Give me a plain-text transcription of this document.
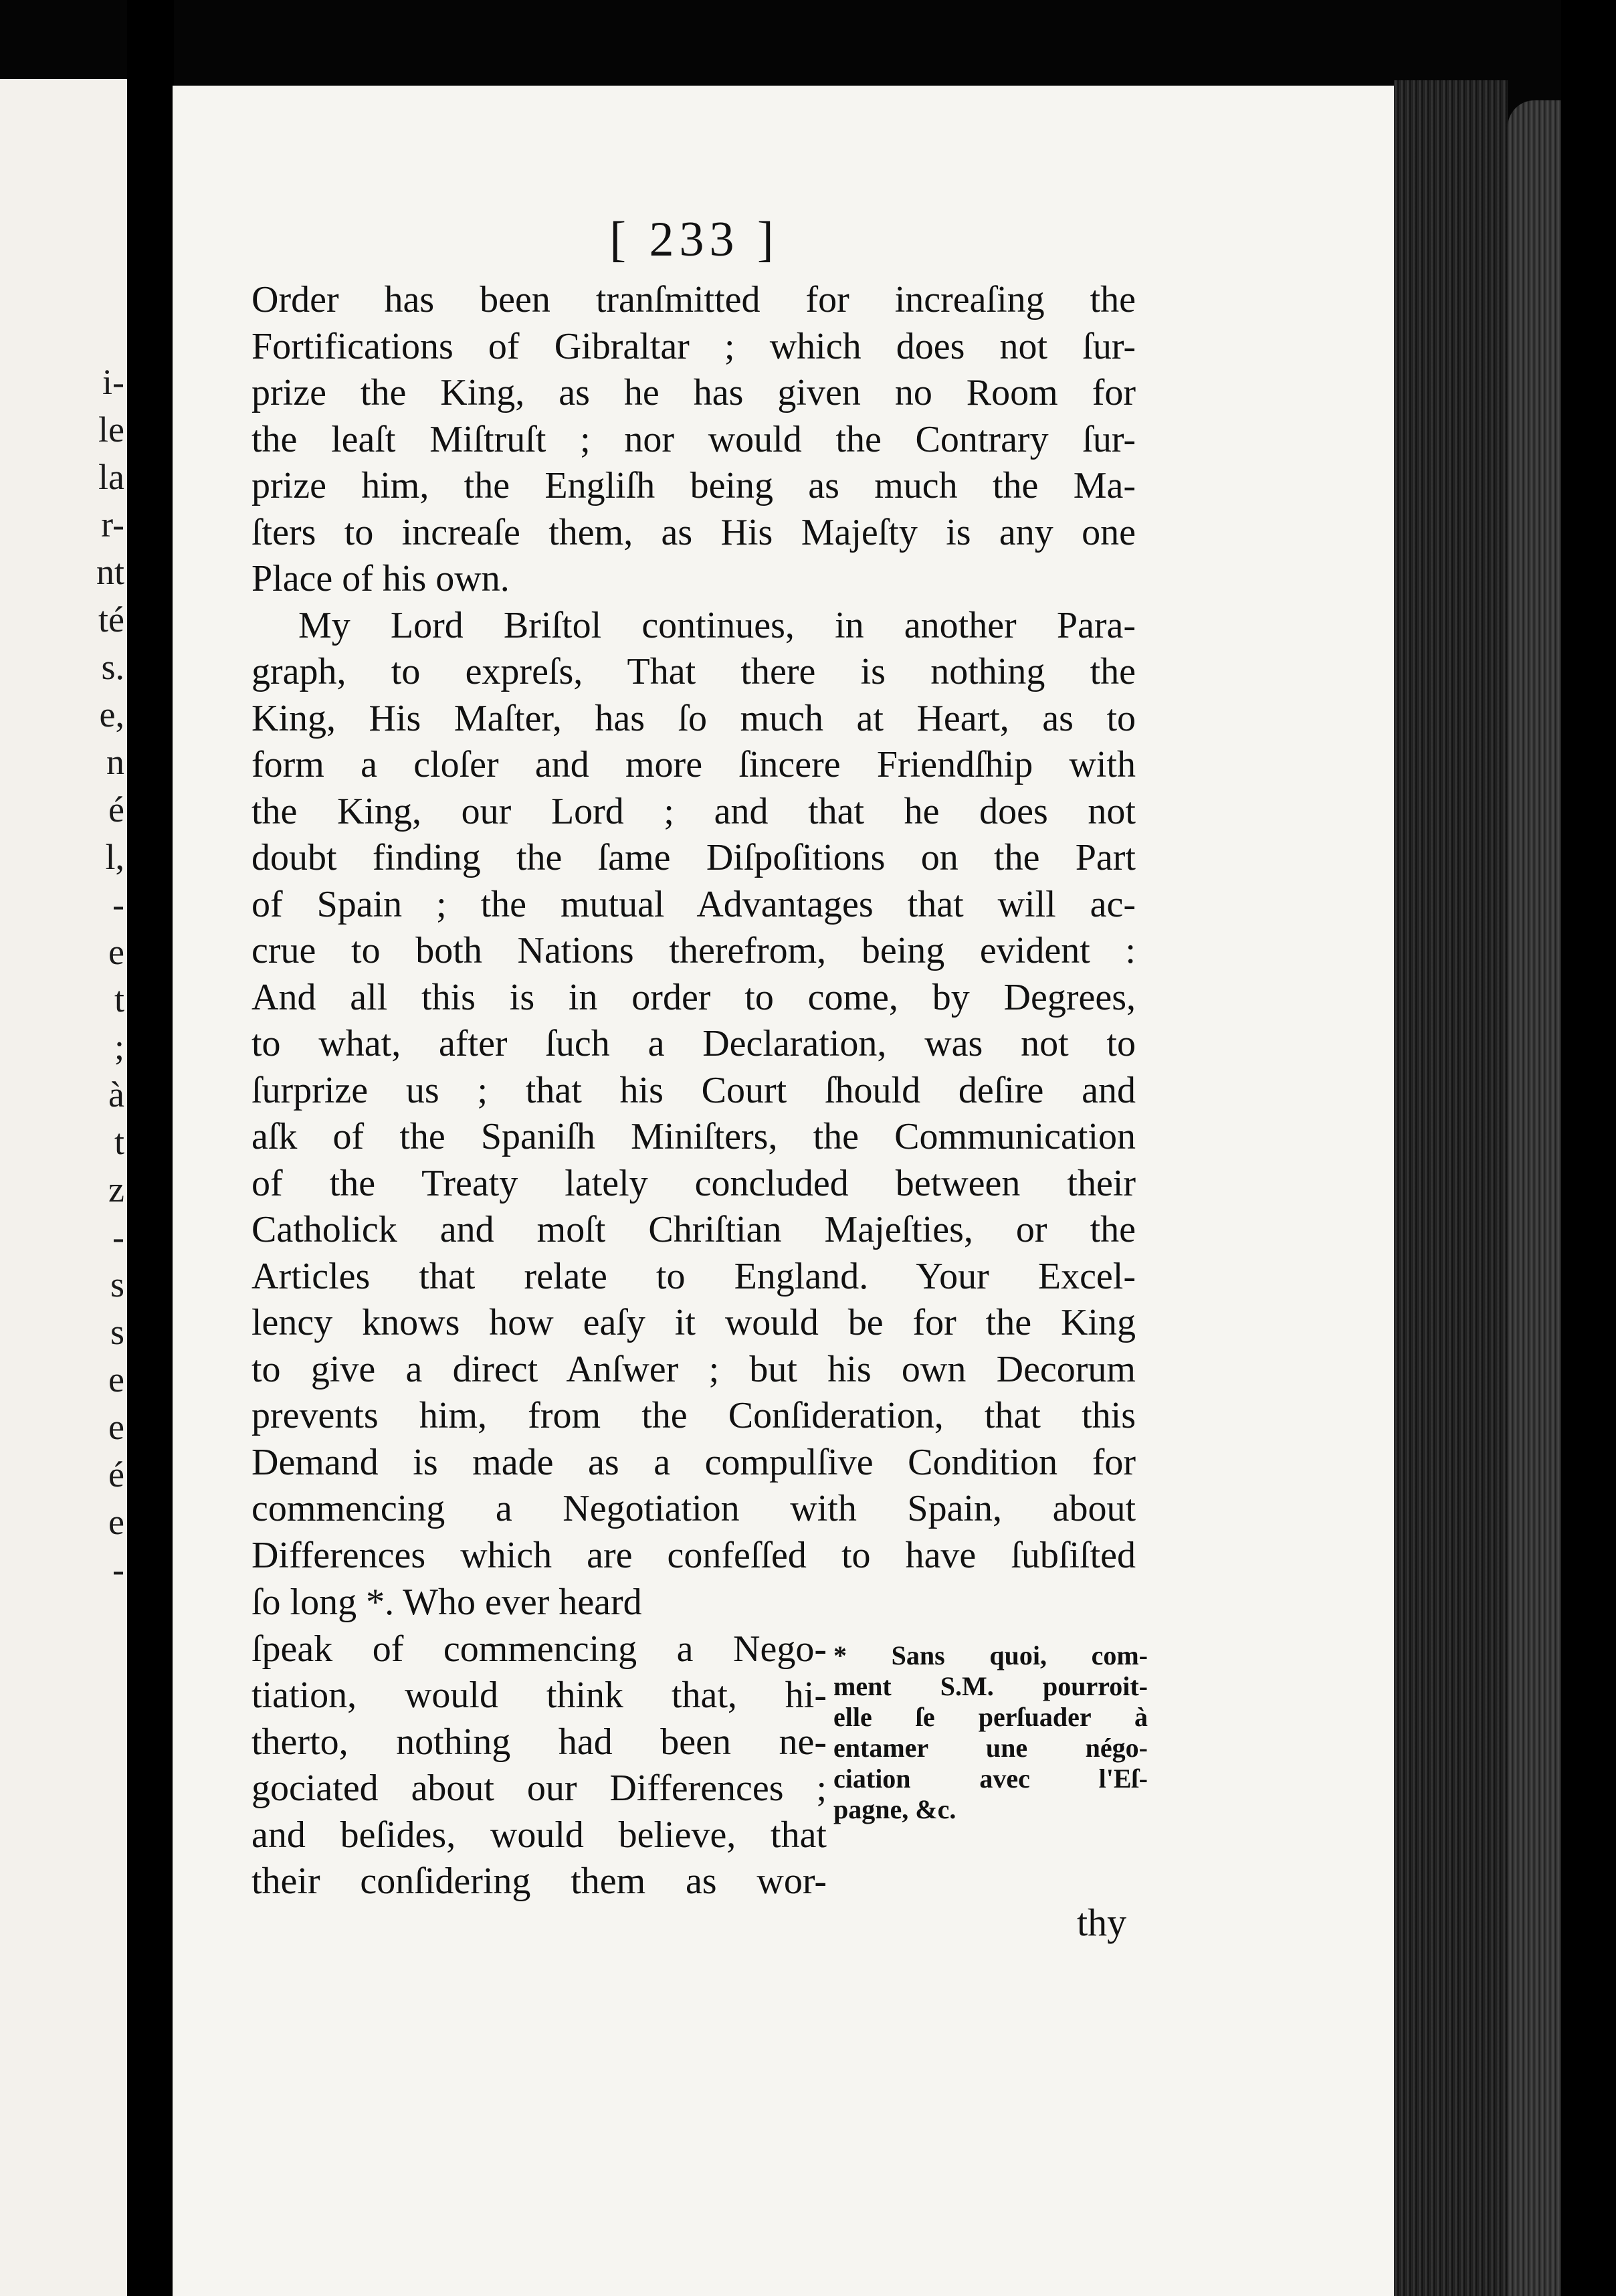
i-
le
la
r-
nt
té
s.
e,
n
é
l,
-
e
t
;
à
t
z
-
s
s
e
e
é
e
-
[ 233 ]
Order has been tranſmitted for increaſing the
Fortifications of Gibraltar ; which does not ſur-
prize the King, as he has given no Room for
the leaſt Miſtruſt ; nor would the Contrary ſur-
prize him, the Engliſh being as much the Ma-
ſters to increaſe them, as His Majeſty is any one
Place of his own.
My Lord Briſtol continues, in another Para-
graph, to expreſs, That there is nothing the
King, His Maſter, has ſo much at Heart, as to
form a cloſer and more ſincere Friendſhip with
the King, our Lord ; and that he does not
doubt finding the ſame Diſpoſitions on the Part
of Spain ; the mutual Advantages that will ac-
crue to both Nations therefrom, being evident :
And all this is in order to come, by Degrees,
to what, after ſuch a Declaration, was not to
ſurprize us ; that his Court ſhould deſire and
aſk of the Spaniſh Miniſters, the Communication
of the Treaty lately concluded between their
Catholick and moſt Chriſtian Majeſties, or the
Articles that relate to England. Your Excel-
lency knows how eaſy it would be for the King
to give a direct Anſwer ; but his own Decorum
prevents him, from the Conſideration, that this
Demand is made as a compulſive Condition for
commencing a Negotiation with Spain, about
Differences which are confeſſed to have ſubſiſted
ſo long *. Who ever heard
ſpeak of commencing a Nego-
tiation, would think that, hi-
therto, nothing had been ne-
gociated about our Differences ;
and beſides, would believe, that
their conſidering them as wor-
* Sans quoi, com-
ment S.M. pourroit-
elle ſe perſuader à
entamer une négo-
ciation avec l'Eſ-
pagne, &c.
thy
